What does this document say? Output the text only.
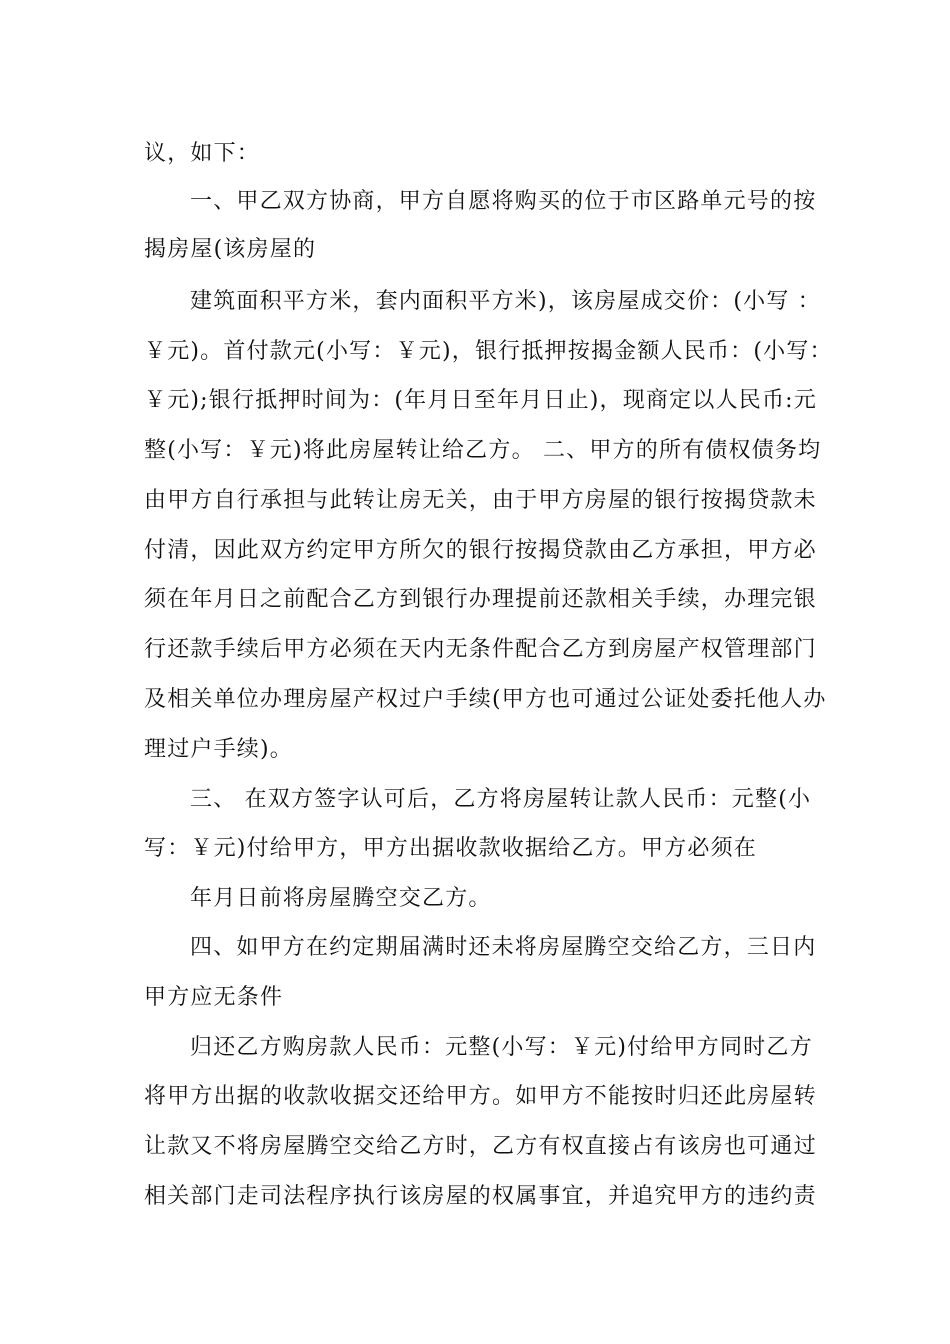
议，如下：
一、甲乙双方协商，甲方自愿将购买的位于市区路单元号的按
揭房屋(该房屋的
建筑面积平方米，套内面积平方米)，该房屋成交价：(小写 ：
￥元)。首付款元(小写：￥元)，银行抵押按揭金额人民币：(小写：
￥元);银行抵押时间为：(年月日至年月日止)，现商定以人民币:元
整(小写：￥元)将此房屋转让给乙方。 二、甲方的所有债权债务均
由甲方自行承担与此转让房无关，由于甲方房屋的银行按揭贷款未
付清，因此双方约定甲方所欠的银行按揭贷款由乙方承担，甲方必
须在年月日之前配合乙方到银行办理提前还款相关手续，办理完银
行还款手续后甲方必须在天内无条件配合乙方到房屋产权管理部门
及相关单位办理房屋产权过户手续(甲方也可通过公证处委托他人办
理过户手续)。
三、 在双方签字认可后，乙方将房屋转让款人民币：元整(小
写：￥元)付给甲方，甲方出据收款收据给乙方。甲方必须在
年月日前将房屋腾空交乙方。
四、如甲方在约定期届满时还未将房屋腾空交给乙方，三日内
甲方应无条件
归还乙方购房款人民币：元整(小写：￥元)付给甲方同时乙方
将甲方出据的收款收据交还给甲方。如甲方不能按时归还此房屋转
让款又不将房屋腾空交给乙方时，乙方有权直接占有该房也可通过
相关部门走司法程序执行该房屋的权属事宜，并追究甲方的违约责
